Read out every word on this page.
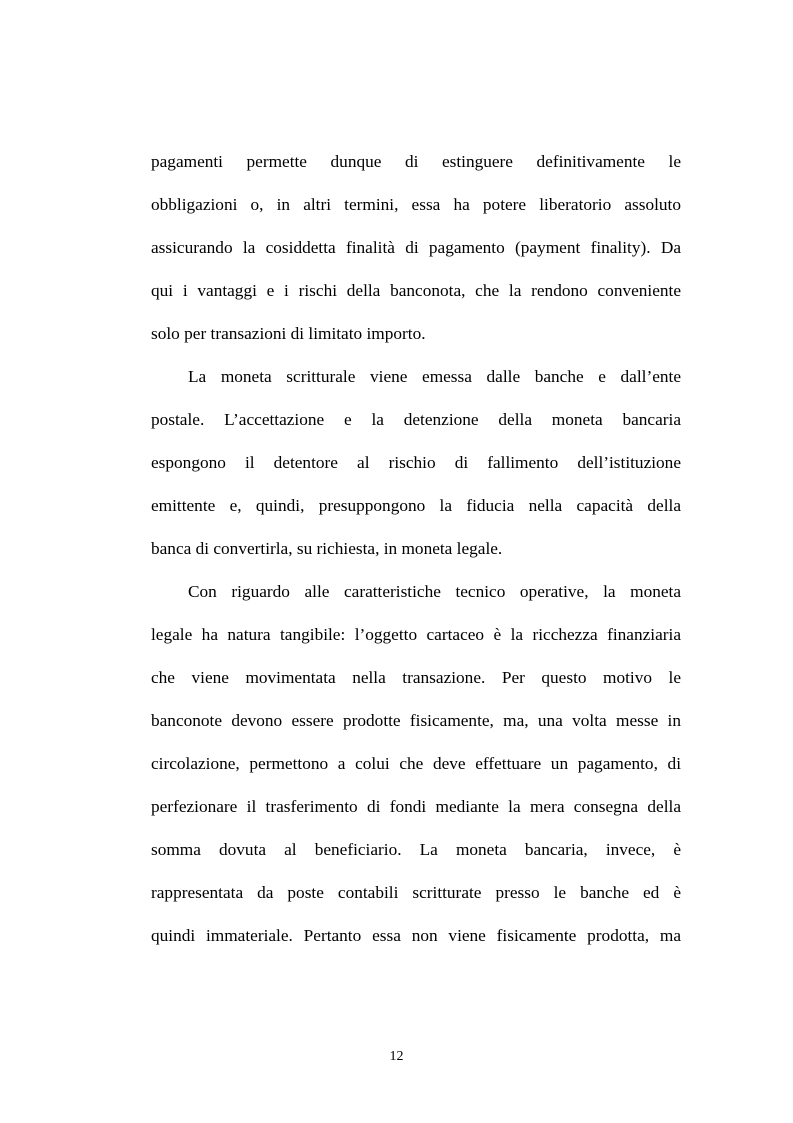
pagamenti permette dunque di estinguere definitivamente le
obbligazioni o, in altri termini, essa ha potere liberatorio assoluto
assicurando la cosiddetta finalità di pagamento (payment finality). Da
qui i vantaggi e i rischi della banconota, che la rendono conveniente
solo per transazioni di limitato importo.
La moneta scritturale viene emessa dalle banche e dall’ente
postale. L’accettazione e la detenzione della moneta bancaria
espongono il detentore al rischio di fallimento dell’istituzione
emittente e, quindi, presuppongono la fiducia nella capacità della
banca di convertirla, su richiesta, in moneta legale.
Con riguardo alle caratteristiche tecnico operative, la moneta
legale ha natura tangibile: l’oggetto cartaceo è la ricchezza finanziaria
che viene movimentata nella transazione. Per questo motivo le
banconote devono essere prodotte fisicamente, ma, una volta messe in
circolazione, permettono a colui che deve effettuare un pagamento, di
perfezionare il trasferimento di fondi mediante la mera consegna della
somma dovuta al beneficiario. La moneta bancaria, invece, è
rappresentata da poste contabili scritturate presso le banche ed è
quindi immateriale. Pertanto essa non viene fisicamente prodotta, ma
12
